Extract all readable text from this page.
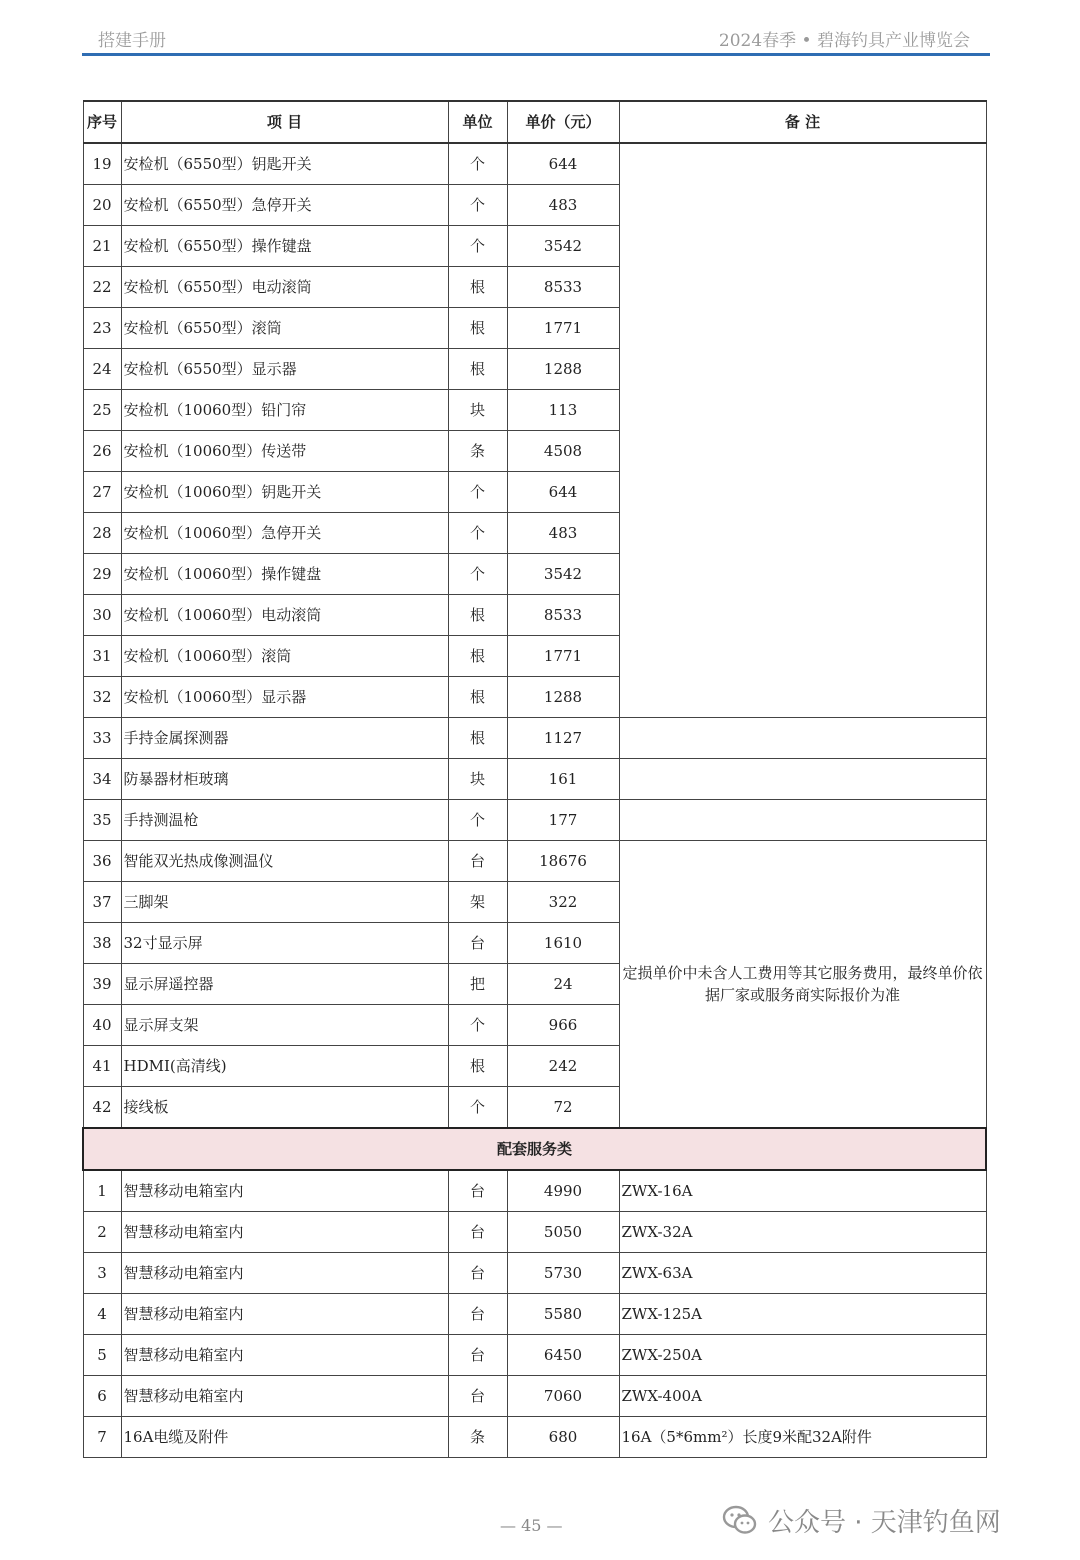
搭建手册	2024春季 • 碧海钓具产业博览会
序号	项 目	单位	单价（元）	备 注
19	安检机（6550型）钥匙开关	个	644	
20	安检机（6550型）急停开关	个	483	
21	安检机（6550型）操作键盘	个	3542	
22	安检机（6550型）电动滚筒	根	8533	
23	安检机（6550型）滚筒	根	1771	
24	安检机（6550型）显示器	根	1288	
25	安检机（10060型）铅门帘	块	113	
26	安检机（10060型）传送带	条	4508	
27	安检机（10060型）钥匙开关	个	644	
28	安检机（10060型）急停开关	个	483	
29	安检机（10060型）操作键盘	个	3542	
30	安检机（10060型）电动滚筒	根	8533	
31	安检机（10060型）滚筒	根	1771	
32	安检机（10060型）显示器	根	1288	
33	手持金属探测器	根	1127	
34	防暴器材柜玻璃	块	161	
35	手持测温枪	个	177	
36	智能双光热成像测温仪	台	18676	定损单价中未含人工费用等其它服务费用，最终单价依据厂家或服务商实际报价为准
37	三脚架	架	322	
38	32寸显示屏	台	1610	
39	显示屏遥控器	把	24	
40	显示屏支架	个	966	
41	HDMI(高清线)	根	242	
42	接线板	个	72	
配套服务类				
1	智慧移动电箱室内	台	4990	ZWX-16A
2	智慧移动电箱室内	台	5050	ZWX-32A
3	智慧移动电箱室内	台	5730	ZWX-63A
4	智慧移动电箱室内	台	5580	ZWX-125A
5	智慧移动电箱室内	台	6450	ZWX-250A
6	智慧移动电箱室内	台	7060	ZWX-400A
7	16A电缆及附件	条	680	16A（5*6mm²）长度9米配32A附件
— 45 —	公众号 · 天津钓鱼网
